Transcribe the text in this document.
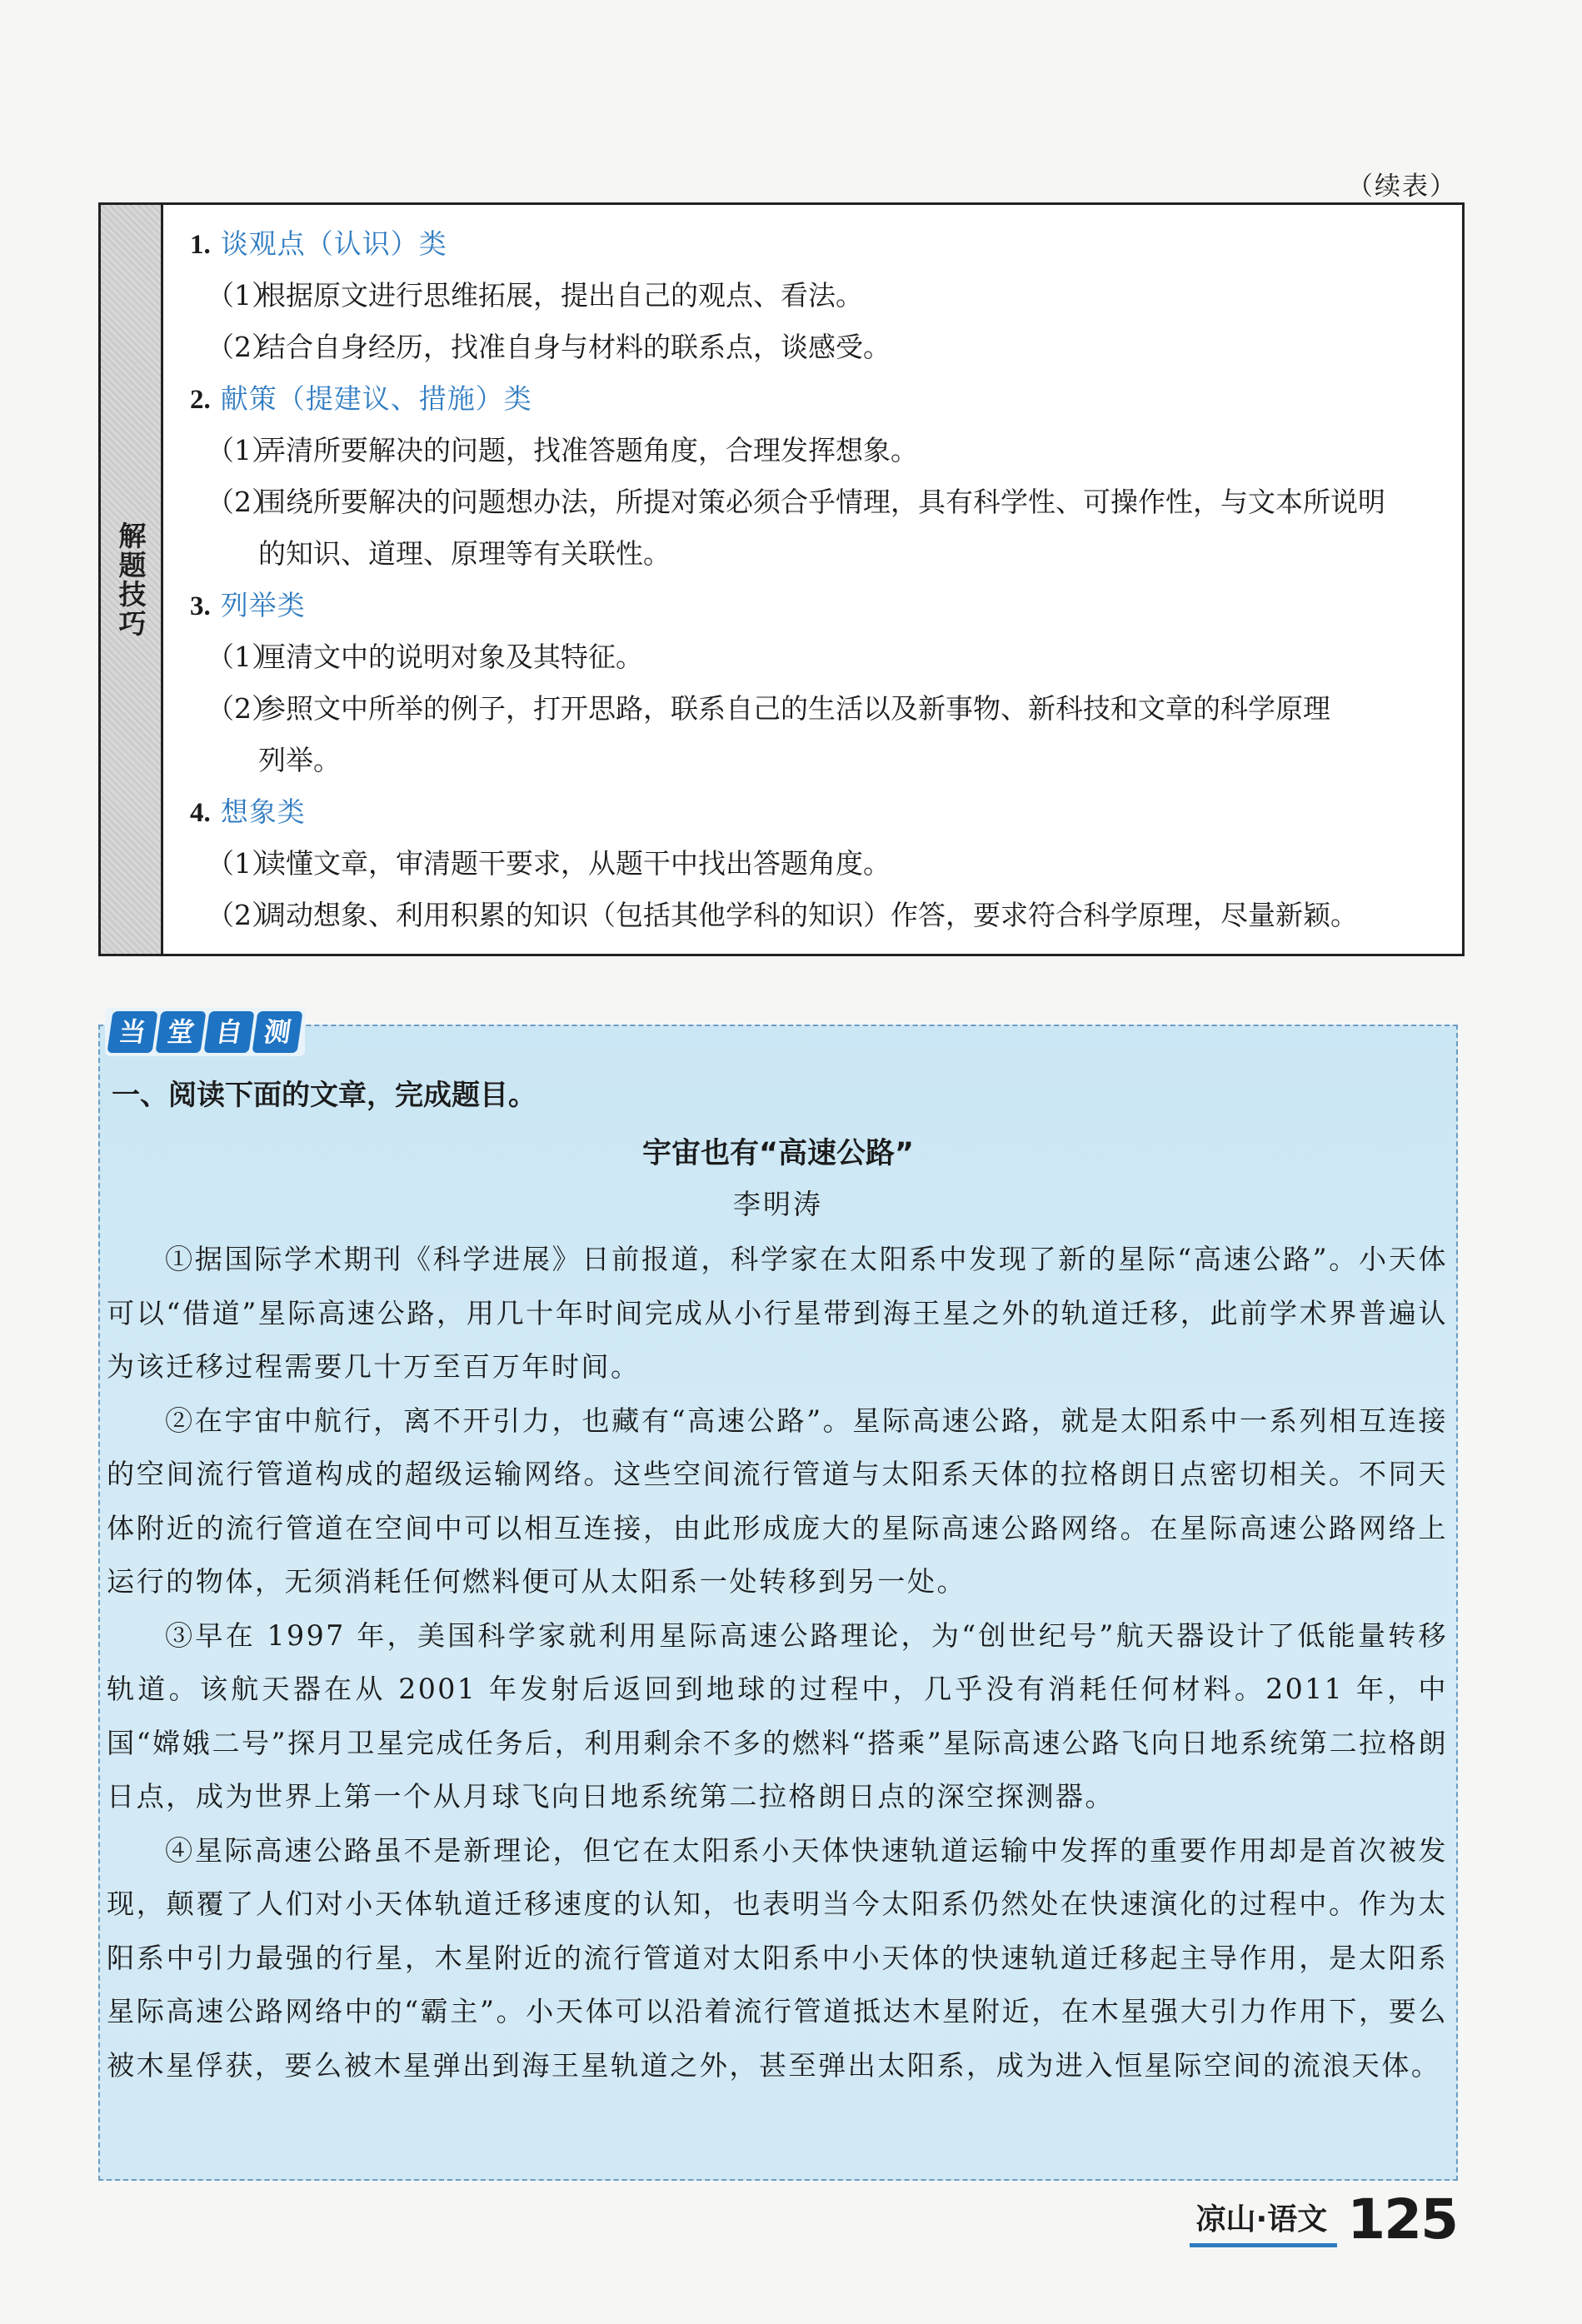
（续表）
解题技巧
1. 谈观点（认识）类
（1）根据原文进行思维拓展，提出自己的观点、看法。
（2）结合自身经历，找准自身与材料的联系点，谈感受。
2. 献策（提建议、措施）类
（1）弄清所要解决的问题，找准答题角度，合理发挥想象。
（2）围绕所要解决的问题想办法，所提对策必须合乎情理，具有科学性、可操作性，与文本所说明
的知识、道理、原理等有关联性。
3. 列举类
（1）厘清文中的说明对象及其特征。
（2）参照文中所举的例子，打开思路，联系自己的生活以及新事物、新科技和文章的科学原理
列举。
4. 想象类
（1）读懂文章，审清题干要求，从题干中找出答题角度。
（2）调动想象、利用积累的知识（包括其他学科的知识）作答，要求符合科学原理，尽量新颖。
当 堂 自 测
一、阅读下面的文章，完成题目。
宇宙也有“高速公路”
李明涛

①据国际学术期刊《科学进展》日前报道，科学家在太阳系中发现了新的星际“高速公路”。小天体可以“借道”星际高速公路，用几十年时间完成从小行星带到海王星之外的轨道迁移，此前学术界普遍认为该迁移过程需要几十万至百万年时间。

②在宇宙中航行，离不开引力，也藏有“高速公路”。星际高速公路，就是太阳系中一系列相互连接的空间流行管道构成的超级运输网络。这些空间流行管道与太阳系天体的拉格朗日点密切相关。不同天体附近的流行管道在空间中可以相互连接，由此形成庞大的星际高速公路网络。在星际高速公路网络上运行的物体，无须消耗任何燃料便可从太阳系一处转移到另一处。

③早在 1997 年，美国科学家就利用星际高速公路理论，为“创世纪号”航天器设计了低能量转移轨道。该航天器在从 2001 年发射后返回到地球的过程中，几乎没有消耗任何材料。2011 年，中国“嫦娥二号”探月卫星完成任务后，利用剩余不多的燃料“搭乘”星际高速公路飞向日地系统第二拉格朗日点，成为世界上第一个从月球飞向日地系统第二拉格朗日点的深空探测器。

④星际高速公路虽不是新理论，但它在太阳系小天体快速轨道运输中发挥的重要作用却是首次被发现，颠覆了人们对小天体轨道迁移速度的认知，也表明当今太阳系仍然处在快速演化的过程中。作为太阳系中引力最强的行星，木星附近的流行管道对太阳系中小天体的快速轨道迁移起主导作用，是太阳系星际高速公路网络中的“霸主”。小天体可以沿着流行管道抵达木星附近，在木星强大引力作用下，要么被木星俘获，要么被木星弹出到海王星轨道之外，甚至弹出太阳系，成为进入恒星际空间的流浪天体。

凉山·语文 125
